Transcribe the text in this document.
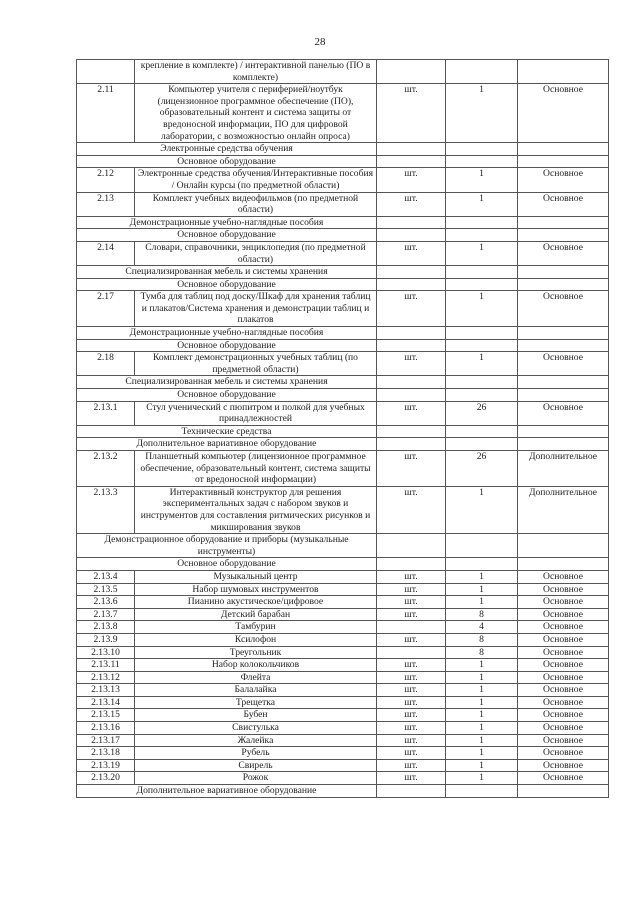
28
	крепление в комплекте) / интерактивной панелью (ПО в комплекте)			
2.11	Компьютер учителя с периферией/ноутбук (лицензионное программное обеспечение (ПО), образовательный контент и система защиты от вредоносной информации, ПО для цифровой лаборатории, с возможностью онлайн опроса)	шт.	1	Основное
Электронные средства обучения				
Основное оборудование				
2.12	Электронные средства обучения/Интерактивные пособия / Онлайн курсы (по предметной области)	шт.	1	Основное
2.13	Комплект учебных видеофильмов (по предметной области)	шт.	1	Основное
Демонстрационные учебно-наглядные пособия				
Основное оборудование				
2.14	Словари, справочники, энциклопедия (по предметной области)	шт.	1	Основное
Специализированная мебель и системы хранения				
Основное оборудование				
2.17	Тумба для таблиц под доску/Шкаф для хранения таблиц и плакатов/Система хранения и демонстрации таблиц и плакатов	шт.	1	Основное
Демонстрационные учебно-наглядные пособия				
Основное оборудование				
2.18	Комплект демонстрационных учебных таблиц (по предметной области)	шт.	1	Основное
Специализированная мебель и системы хранения				
Основное оборудование				
2.13.1	Стул ученический с пюпитром и полкой для учебных принадлежностей	шт.	26	Основное
Технические средства				
Дополнительное вариативное оборудование				
2.13.2	Планшетный компьютер (лицензионное программное обеспечение, образовательный контент, система защиты от вредоносной информации)	шт.	26	Дополнительное
2.13.3	Интерактивный конструктор для решения экспериментальных задач с набором звуков и инструментов для составления ритмических рисунков и микширования звуков	шт.	1	Дополнительное
Демонстрационное оборудование и приборы (музыкальные инструменты)				
Основное оборудование				
2.13.4	Музыкальный центр	шт.	1	Основное
2.13.5	Набор шумовых инструментов	шт.	1	Основное
2.13.6	Пианино акустическое/цифровое	шт.	1	Основное
2.13.7	Детский барабан	шт.	8	Основное
2.13.8	Тамбурин		4	Основное
2.13.9	Ксилофон	шт.	8	Основное
2.13.10	Треугольник		8	Основное
2.13.11	Набор колокольчиков	шт.	1	Основное
2.13.12	Флейта	шт.	1	Основное
2.13.13	Балалайка	шт.	1	Основное
2.13.14	Трещетка	шт.	1	Основное
2.13.15	Бубен	шт.	1	Основное
2.13.16	Свистулька	шт.	1	Основное
2.13.17	Жалейка	шт.	1	Основное
2.13.18	Рубель	шт.	1	Основное
2.13.19	Свирель	шт.	1	Основное
2.13.20	Рожок	шт.	1	Основное
Дополнительное вариативное оборудование				
